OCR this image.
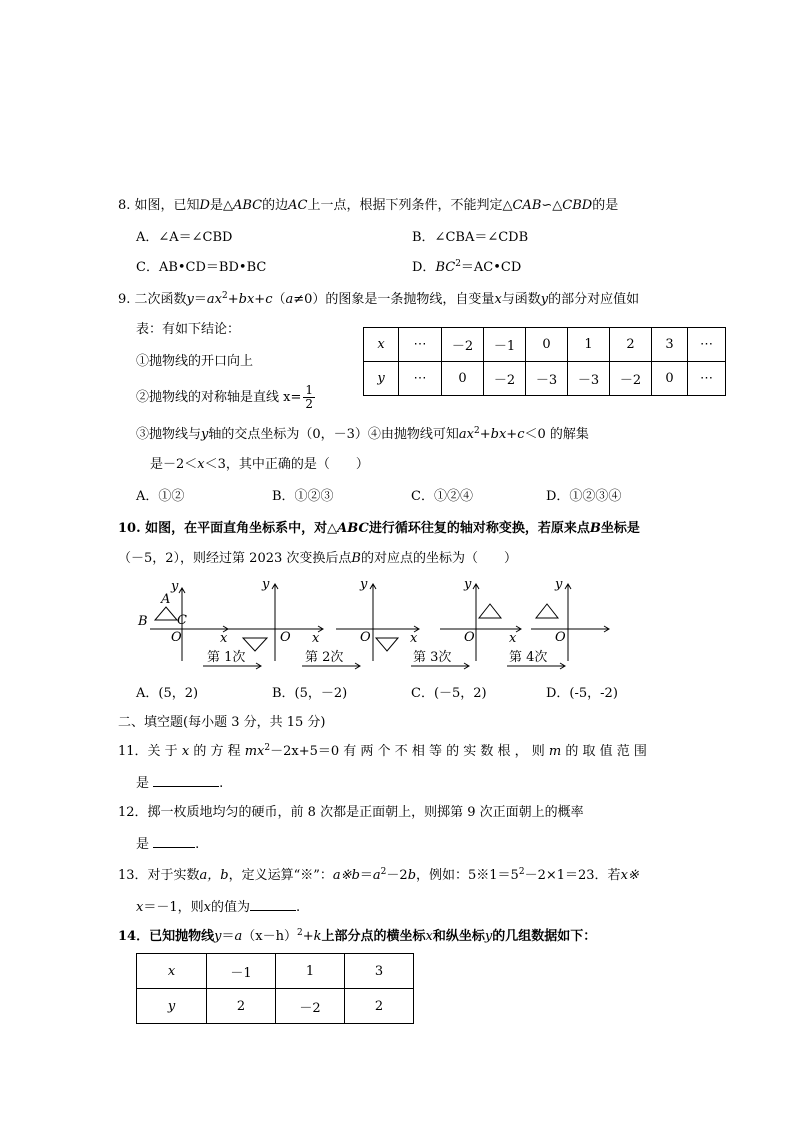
8. 如图，已知D是△ABC的边AC上一点，根据下列条件，不能判定△CAB∽△CBD的是
A．∠A＝∠CBD	B．∠CBA＝∠CDB
C．AB•CD＝BD•BC	D．$BC^2=AC•CD$
9. 二次函数$y=ax^2+bx+c(a\ne 0)$的图象是一条抛物线，自变量x与函数y的部分对应值如
表：有如下结论：
x	⋯	－2	－1	0	1	2	3	⋯
y	⋯	0	－2	－3	－3	－2	0	⋯
①抛物线的开口向上
②抛物线的对称轴是直线 $x= \frac{1}{2}$
③抛物线与y轴的交点坐标为（0，－3）④由抛物线可知$ax^2+bx+c<0$ 的解集
是－2＜x＜3，其中正确的是（　　）
A．①②	B．①②③	C．①②④	D．①②③④
10. 如图，在平面直角坐标系中，对△ABC进行循环往复的轴对称变换，若原来点B坐标是
（－5，2），则经过第 2023 次变换后点B的对应点的坐标为（　　）
y
x
O
A
B C
y
x
O
y
x
O
y
x
O
y
O
第 1次	第 2次	第 3次	第 4次
A．(5，2)	B．(5，－2)	C．(－5，2)	D．(-5，-2)
二、填空题(每小题 3 分，共 15 分)
11．关 于 x 的 方 程 $mx^2-2x+5=0$ 有 两 个 不 相 等 的 实 数 根 ， 则 m 的 取 值 范 围
是	.
12．掷一枚质地均匀的硬币，前 8 次都是正面朝上，则掷第 9 次正面朝上的概率
是	.
13．对于实数a，b，定义运算“※”：$a※b=a^2-2b$，例如：$5※1=5^2-2\times 1=23$．若x※
x＝－1，则x的值为	.
14．已知抛物线$y=a(x-h)^2+k$上部分点的横坐标x和纵坐标y的几组数据如下：
x	－1	1	3
y	2	－2	2
